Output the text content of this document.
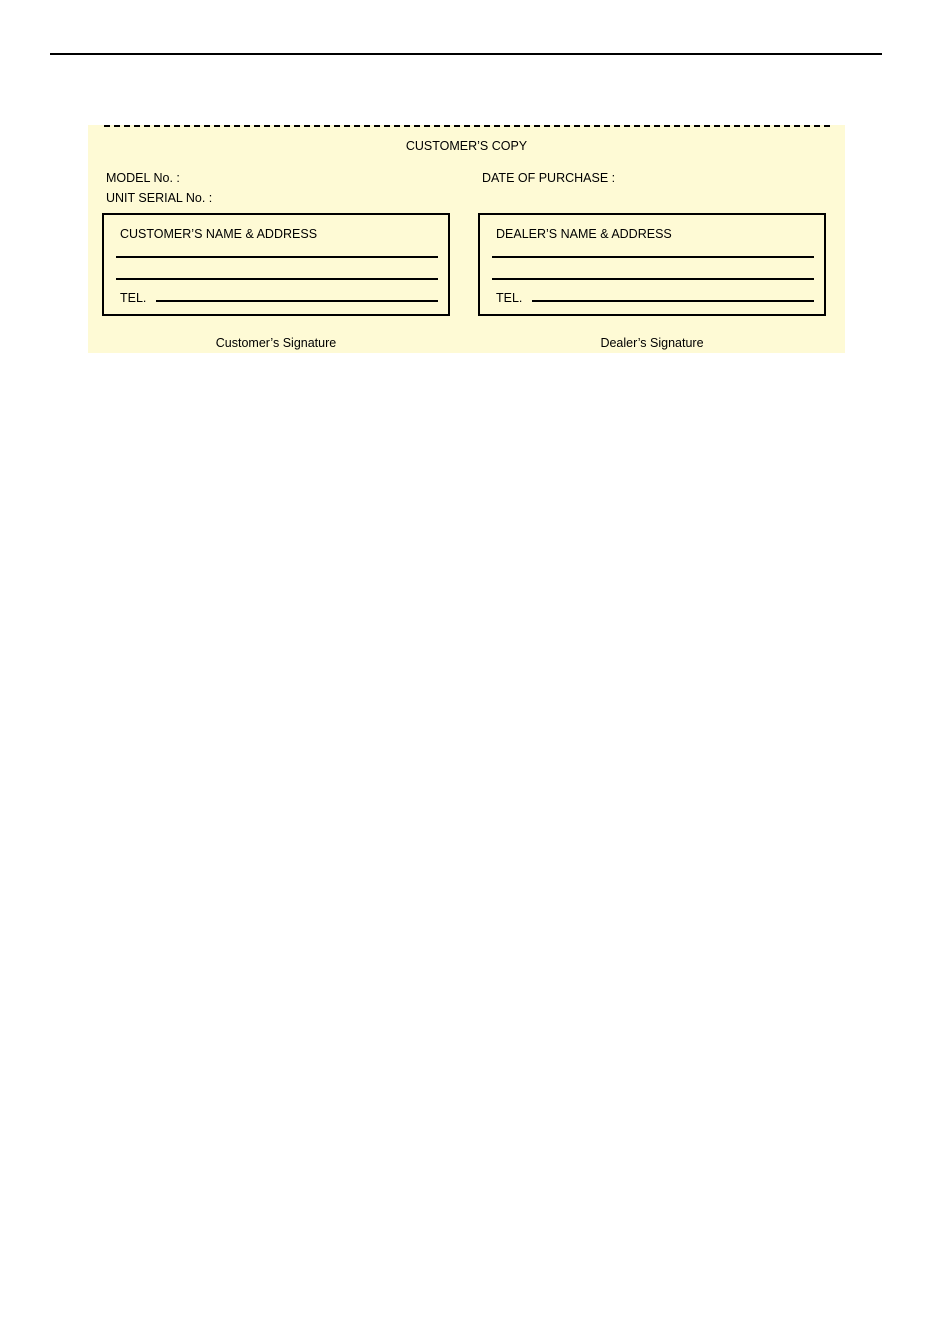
CUSTOMER’S COPY
MODEL No. :
UNIT SERIAL No. :
DATE OF PURCHASE :
CUSTOMER’S NAME & ADDRESS
TEL.
DEALER’S NAME & ADDRESS
TEL.
Customer’s Signature	Dealer’s Signature
